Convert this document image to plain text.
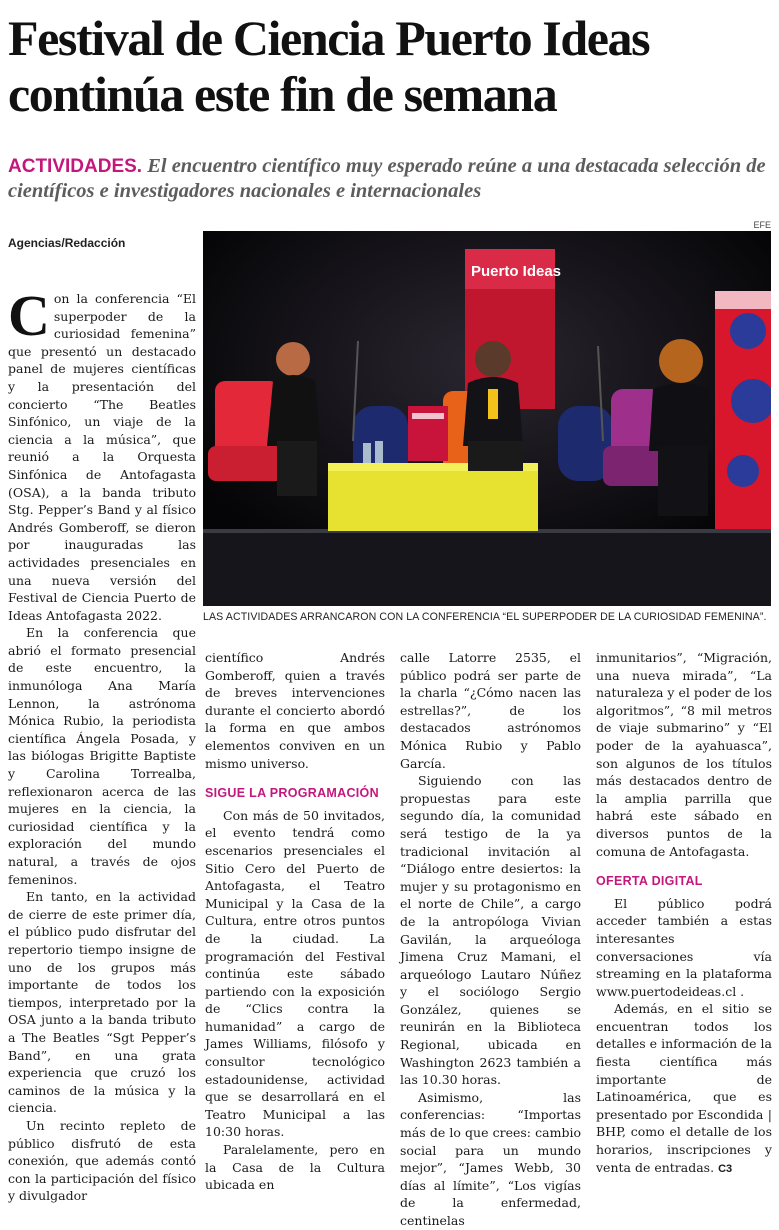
Festival de Ciencia Puerto Ideas
continúa este fin de semana
ACTIVIDADES. El encuentro científico muy esperado reúne a una destacada selección de científicos e investigadores nacionales e internacionales
EFE
Agencias/Redacción
Puerto Ideas
LAS ACTIVIDADES ARRANCARON CON LA CONFERENCIA “EL SUPERPODER DE LA CURIOSIDAD FEMENINA”.

Con la conferencia “El superpoder de la curiosidad femenina” que presentó un destacado panel de mujeres científicas y la presentación del concierto “The Beatles Sinfónico, un viaje de la ciencia a la música”, que reunió a la Orquesta Sinfónica de Antofagasta (OSA), a la banda tributo Stg. Pepper’s Band y al físico Andrés Gomberoff, se dieron por inauguradas las actividades presenciales en una nueva versión del Festival de Ciencia Puerto de Ideas Antofagasta 2022.

En la conferencia que abrió el formato presencial de este encuentro, la inmunóloga Ana María Lennon, la astrónoma Mónica Rubio, la periodista científica Ángela Posada, y las biólogas Brigitte Baptiste y Carolina Torrealba, reflexionaron acerca de las mujeres en la ciencia, la curiosidad científica y la exploración del mundo natural, a través de ojos femeninos.

En tanto, en la actividad de cierre de este primer día, el público pudo disfrutar del repertorio tiempo insigne de uno de los grupos más importante de todos los tiempos, interpretado por la OSA junto a la banda tributo a The Beatles “Sgt Pepper’s Band”, en una grata experiencia que cruzó los caminos de la música y la ciencia.

Un recinto repleto de público disfrutó de esta conexión, que además contó con la participación del físico y divulgador

científico Andrés Gomberoff, quien a través de breves intervenciones durante el concierto abordó la forma en que ambos elementos conviven en un mismo universo.

SIGUE LA PROGRAMACIÓN

Con más de 50 invitados, el evento tendrá como escenarios presenciales el Sitio Cero del Puerto de Antofagasta, el Teatro Municipal y la Casa de la Cultura, entre otros puntos de la ciudad. La programación del Festival continúa este sábado partiendo con la exposición de “Clics contra la humanidad” a cargo de James Williams, filósofo y consultor tecnológico estadounidense, actividad que se desarrollará en el Teatro Municipal a las 10:30 horas.

Paralelamente, pero en la Casa de la Cultura ubicada en

calle Latorre 2535, el público podrá ser parte de la charla “¿Cómo nacen las estrellas?”, de los destacados astrónomos Mónica Rubio y Pablo García.

Siguiendo con las propuestas para este segundo día, la comunidad será testigo de la ya tradicional invitación al “Diálogo entre desiertos: la mujer y su protagonismo en el norte de Chile”, a cargo de la antropóloga Vivian Gavilán, la arqueóloga Jimena Cruz Mamani, el arqueólogo Lautaro Núñez y el sociólogo Sergio González, quienes se reunirán en la Biblioteca Regional, ubicada en Washington 2623 también a las 10.30 horas.

Asimismo, las conferencias: “Importas más de lo que crees: cambio social para un mundo mejor”, “James Webb, 30 días al límite”, “Los vigías de la enfermedad, centinelas

inmunitarios”, “Migración, una nueva mirada”, “La naturaleza y el poder de los algoritmos”, “8 mil metros de viaje submarino” y “El poder de la ayahuasca”, son algunos de los títulos más destacados dentro de la amplia parrilla que habrá este sábado en diversos puntos de la comuna de Antofagasta.

OFERTA DIGITAL

El público podrá acceder también a estas interesantes conversaciones vía streaming en la plataforma www.puertodeideas.cl .

Además, en el sitio se encuentran todos los detalles e información de la fiesta científica más importante de Latinoamérica, que es presentado por Escondida | BHP, como el detalle de los horarios, inscripciones y venta de entradas. C3
